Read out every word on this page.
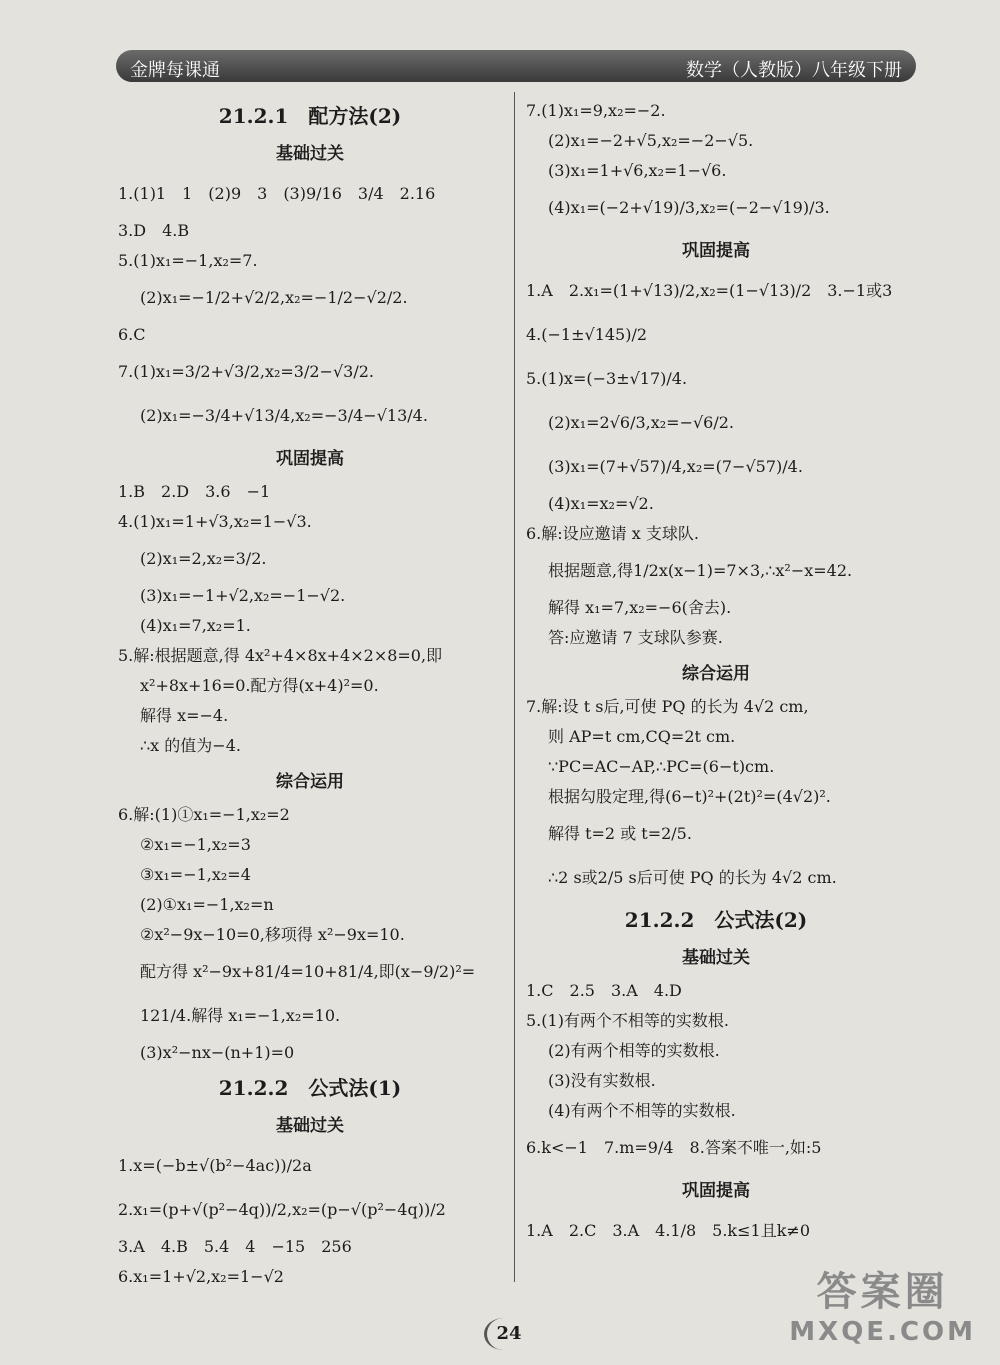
金牌每课通	数学（人教版）八年级下册
21.2.1　配方法(2)
基础过关
1.(1)1　1　(2)9　3　(3)9/16　3/4　2.16
3.D　4.B
5.(1)x₁=−1,x₂=7.
(2)x₁=−1/2+√2/2,x₂=−1/2−√2/2.
6.C
7.(1)x₁=3/2+√3/2,x₂=3/2−√3/2.
(2)x₁=−3/4+√13/4,x₂=−3/4−√13/4.
巩固提高
1.B　2.D　3.6　−1
4.(1)x₁=1+√3,x₂=1−√3.
(2)x₁=2,x₂=3/2.
(3)x₁=−1+√2,x₂=−1−√2.
(4)x₁=7,x₂=1.
5.解:根据题意,得 4x²+4×8x+4×2×8=0,即
x²+8x+16=0.配方得(x+4)²=0.
解得 x=−4.
∴x 的值为−4.
综合运用
6.解:(1)①x₁=−1,x₂=2
②x₁=−1,x₂=3
③x₁=−1,x₂=4
(2)①x₁=−1,x₂=n
②x²−9x−10=0,移项得 x²−9x=10.
配方得 x²−9x+81/4=10+81/4,即(x−9/2)²=
121/4.解得 x₁=−1,x₂=10.
(3)x²−nx−(n+1)=0
21.2.2　公式法(1)
基础过关
1.x=(−b±√(b²−4ac))/2a
2.x₁=(p+√(p²−4q))/2,x₂=(p−√(p²−4q))/2
3.A　4.B　5.4　4　−15　256
6.x₁=1+√2,x₂=1−√2
7.(1)x₁=9,x₂=−2.
(2)x₁=−2+√5,x₂=−2−√5.
(3)x₁=1+√6,x₂=1−√6.
(4)x₁=(−2+√19)/3,x₂=(−2−√19)/3.
巩固提高
1.A　2.x₁=(1+√13)/2,x₂=(1−√13)/2　3.−1或3
4.(−1±√145)/2
5.(1)x=(−3±√17)/4.
(2)x₁=2√6/3,x₂=−√6/2.
(3)x₁=(7+√57)/4,x₂=(7−√57)/4.
(4)x₁=x₂=√2.
6.解:设应邀请 x 支球队.
根据题意,得1/2x(x−1)=7×3,∴x²−x=42.
解得 x₁=7,x₂=−6(舍去).
答:应邀请 7 支球队参赛.
综合运用
7.解:设 t s后,可使 PQ 的长为 4√2 cm,
则 AP=t cm,CQ=2t cm.
∵PC=AC−AP,∴PC=(6−t)cm.
根据勾股定理,得(6−t)²+(2t)²=(4√2)².
解得 t=2 或 t=2/5.
∴2 s或2/5 s后可使 PQ 的长为 4√2 cm.
21.2.2　公式法(2)
基础过关
1.C　2.5　3.A　4.D
5.(1)有两个不相等的实数根.
(2)有两个相等的实数根.
(3)没有实数根.
(4)有两个不相等的实数根.
6.k<−1　7.m=9/4　8.答案不唯一,如:5
巩固提高
1.A　2.C　3.A　4.1/8　5.k≤1且k≠0
24
答案圈
MXQE.COM
